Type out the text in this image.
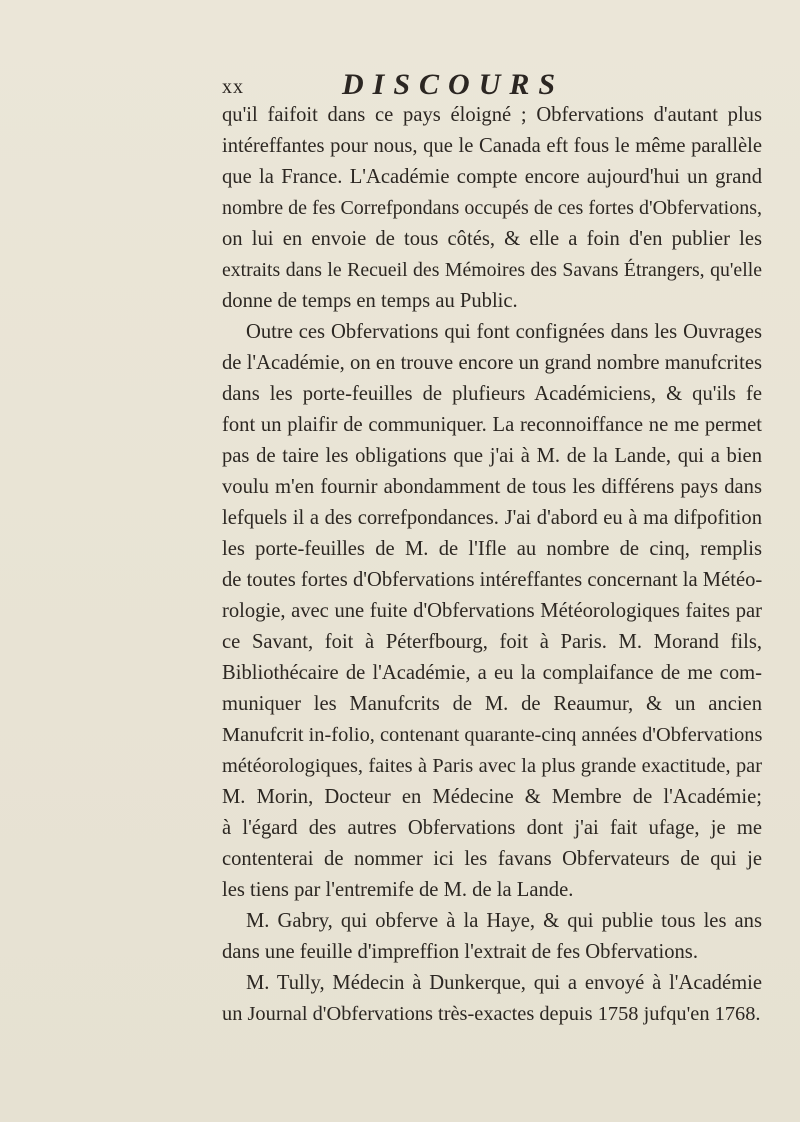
xx	DISCOURS
qu'il faifoit dans ce pays éloigné ; Obfervations d'autant plus
intéreffantes pour nous, que le Canada eft fous le même parallèle
que la France. L'Académie compte encore aujourd'hui un grand
nombre de fes Correfpondans occupés de ces fortes d'Obfervations,
on lui en envoie de tous côtés, & elle a foin d'en publier les
extraits dans le Recueil des Mémoires des Savans Étrangers, qu'elle
donne de temps en temps au Public.
Outre ces Obfervations qui font confignées dans les Ouvrages
de l'Académie, on en trouve encore un grand nombre manufcrites
dans les porte-feuilles de plufieurs Académiciens, & qu'ils fe
font un plaifir de communiquer. La reconnoiffance ne me permet
pas de taire les obligations que j'ai à M. de la Lande, qui a bien
voulu m'en fournir abondamment de tous les différens pays dans
lefquels il a des correfpondances. J'ai d'abord eu à ma difpofition
les porte-feuilles de M. de l'Ifle au nombre de cinq, remplis
de toutes fortes d'Obfervations intéreffantes concernant la Météo-
rologie, avec une fuite d'Obfervations Météorologiques faites par
ce Savant, foit à Péterfbourg, foit à Paris. M. Morand fils,
Bibliothécaire de l'Académie, a eu la complaifance de me com-
muniquer les Manufcrits de M. de Reaumur, & un ancien
Manufcrit in-folio, contenant quarante-cinq années d'Obfervations
météorologiques, faites à Paris avec la plus grande exactitude, par
M. Morin, Docteur en Médecine & Membre de l'Académie;
à l'égard des autres Obfervations dont j'ai fait ufage, je me
contenterai de nommer ici les favans Obfervateurs de qui je
les tiens par l'entremife de M. de la Lande.
M. Gabry, qui obferve à la Haye, & qui publie tous les ans
dans une feuille d'impreffion l'extrait de fes Obfervations.
M. Tully, Médecin à Dunkerque, qui a envoyé à l'Académie
un Journal d'Obfervations très-exactes depuis 1758 jufqu'en 1768.
